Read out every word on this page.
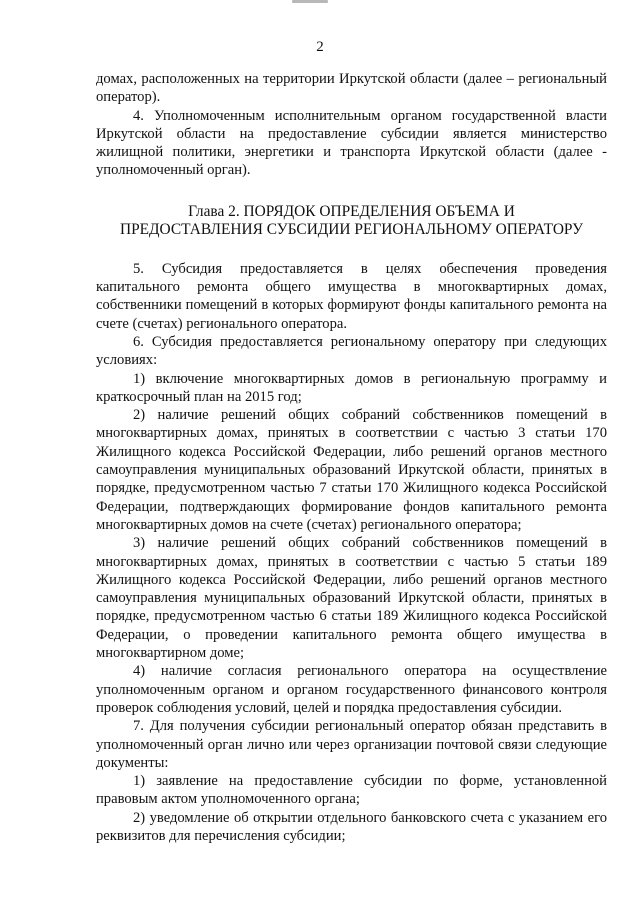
2

домах, расположенных на территории Иркутской области (далее – региональный оператор).

4. Уполномоченным исполнительным органом государственной власти Иркутской области на предоставление субсидии является министерство жилищной политики, энергетики и транспорта Иркутской области (далее - уполномоченный орган).

Глава 2. ПОРЯДОК ОПРЕДЕЛЕНИЯ ОБЪЕМА И
ПРЕДОСТАВЛЕНИЯ СУБСИДИИ РЕГИОНАЛЬНОМУ ОПЕРАТОРУ

5. Субсидия предоставляется в целях обеспечения проведения капитального ремонта общего имущества в многоквартирных домах, собственники помещений в которых формируют фонды капитального ремонта на счете (счетах) регионального оператора.

6. Субсидия предоставляется региональному оператору при следующих условиях:

1) включение многоквартирных домов в региональную программу и краткосрочный план на 2015 год;

2) наличие решений общих собраний собственников помещений в многоквартирных домах, принятых в соответствии с частью 3 статьи 170 Жилищного кодекса Российской Федерации, либо решений органов местного самоуправления муниципальных образований Иркутской области, принятых в порядке, предусмотренном частью 7 статьи 170 Жилищного кодекса Российской Федерации, подтверждающих формирование фондов капитального ремонта многоквартирных домов на счете (счетах) регионального оператора;

3) наличие решений общих собраний собственников помещений в многоквартирных домах, принятых в соответствии с частью 5 статьи 189 Жилищного кодекса Российской Федерации, либо решений органов местного самоуправления муниципальных образований Иркутской области, принятых в порядке, предусмотренном частью 6 статьи 189 Жилищного кодекса Российской Федерации, о проведении капитального ремонта общего имущества в многоквартирном доме;

4) наличие согласия регионального оператора на осуществление уполномоченным органом и органом государственного финансового контроля проверок соблюдения условий, целей и порядка предоставления субсидии.

7. Для получения субсидии региональный оператор обязан представить в уполномоченный орган лично или через организации почтовой связи следующие документы:

1) заявление на предоставление субсидии по форме, установленной правовым актом уполномоченного органа;

2) уведомление об открытии отдельного банковского счета с указанием его реквизитов для перечисления субсидии;
